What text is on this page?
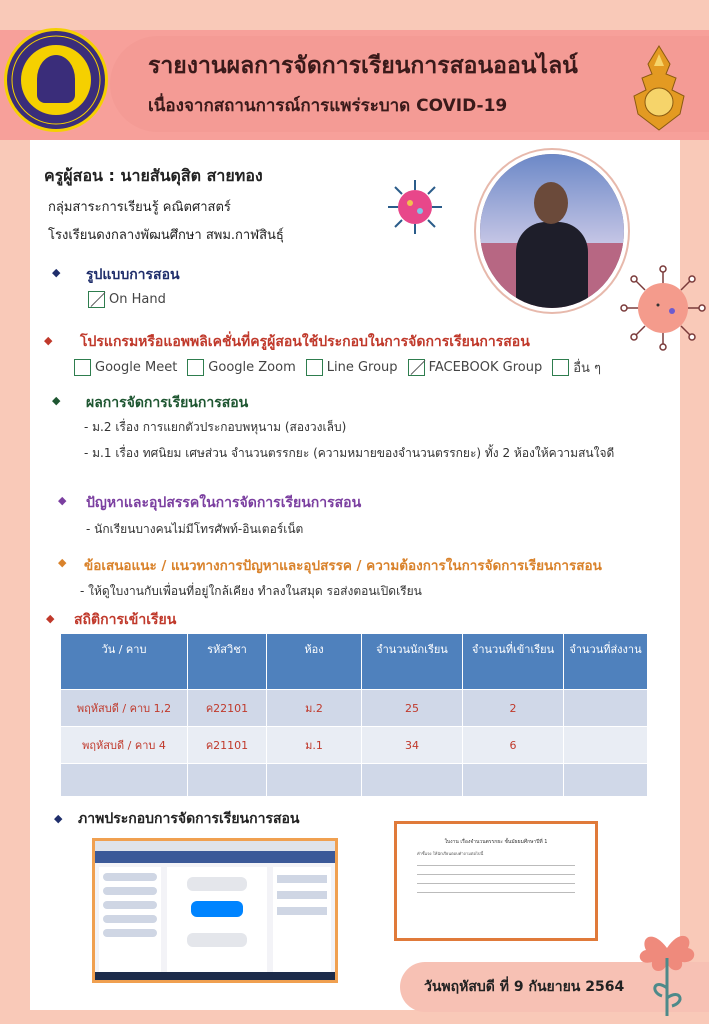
รายงานผลการจัดการเรียนการสอนออนไลน์
เนื่องจากสถานการณ์การแพร่ระบาด COVID-19
ครูผู้สอน : นายสันดุสิต สายทอง
กลุ่มสาระการเรียนรู้ คณิตศาสตร์
โรงเรียนดงกลางพัฒนศึกษา สพม.กาฬสินธุ์
◆ รูปแบบการสอน
On Hand
◆ โปรแกรมหรือแอพพลิเคชั่นที่ครูผู้สอนใช้ประกอบในการจัดการเรียนการสอน
Google Meet Google Zoom Line Group FACEBOOK Group อื่น ๆ
◆ ผลการจัดการเรียนการสอน
- ม.2 เรื่อง การแยกตัวประกอบพหุนาม (สองวงเล็บ)
- ม.1 เรื่อง ทศนิยม เศษส่วน จำนวนตรรกยะ (ความหมายของจำนวนตรรกยะ) ทั้ง 2 ห้องให้ความสนใจดี
◆ ปัญหาและอุปสรรคในการจัดการเรียนการสอน
- นักเรียนบางคนไม่มีโทรศัพท์-อินเตอร์เน็ต
◆ ข้อเสนอแนะ / แนวทางการปัญหาและอุปสรรค / ความต้องการในการจัดการเรียนการสอน
- ให้ดูใบงานกับเพื่อนที่อยู่ใกล้เคียง ทำลงในสมุด รอส่งตอนเปิดเรียน
◆ สถิติการเข้าเรียน
วัน / คาบ	รหัสวิชา	ห้อง	จำนวนนักเรียน	จำนวนที่เข้าเรียน	จำนวนที่ส่งงาน
พฤหัสบดี / คาบ 1,2	ค22101	ม.2	25	2	
พฤหัสบดี / คาบ 4	ค21101	ม.1	34	6	

◆ ภาพประกอบการจัดการเรียนการสอน
ใบงาน เรื่องจำนวนตรรกยะ ชั้นมัธยมศึกษาปีที่ 1
คำชี้แจง ให้นักเรียนตอบคำถามต่อไปนี้
วันพฤหัสบดี ที่ 9 กันยายน 2564
